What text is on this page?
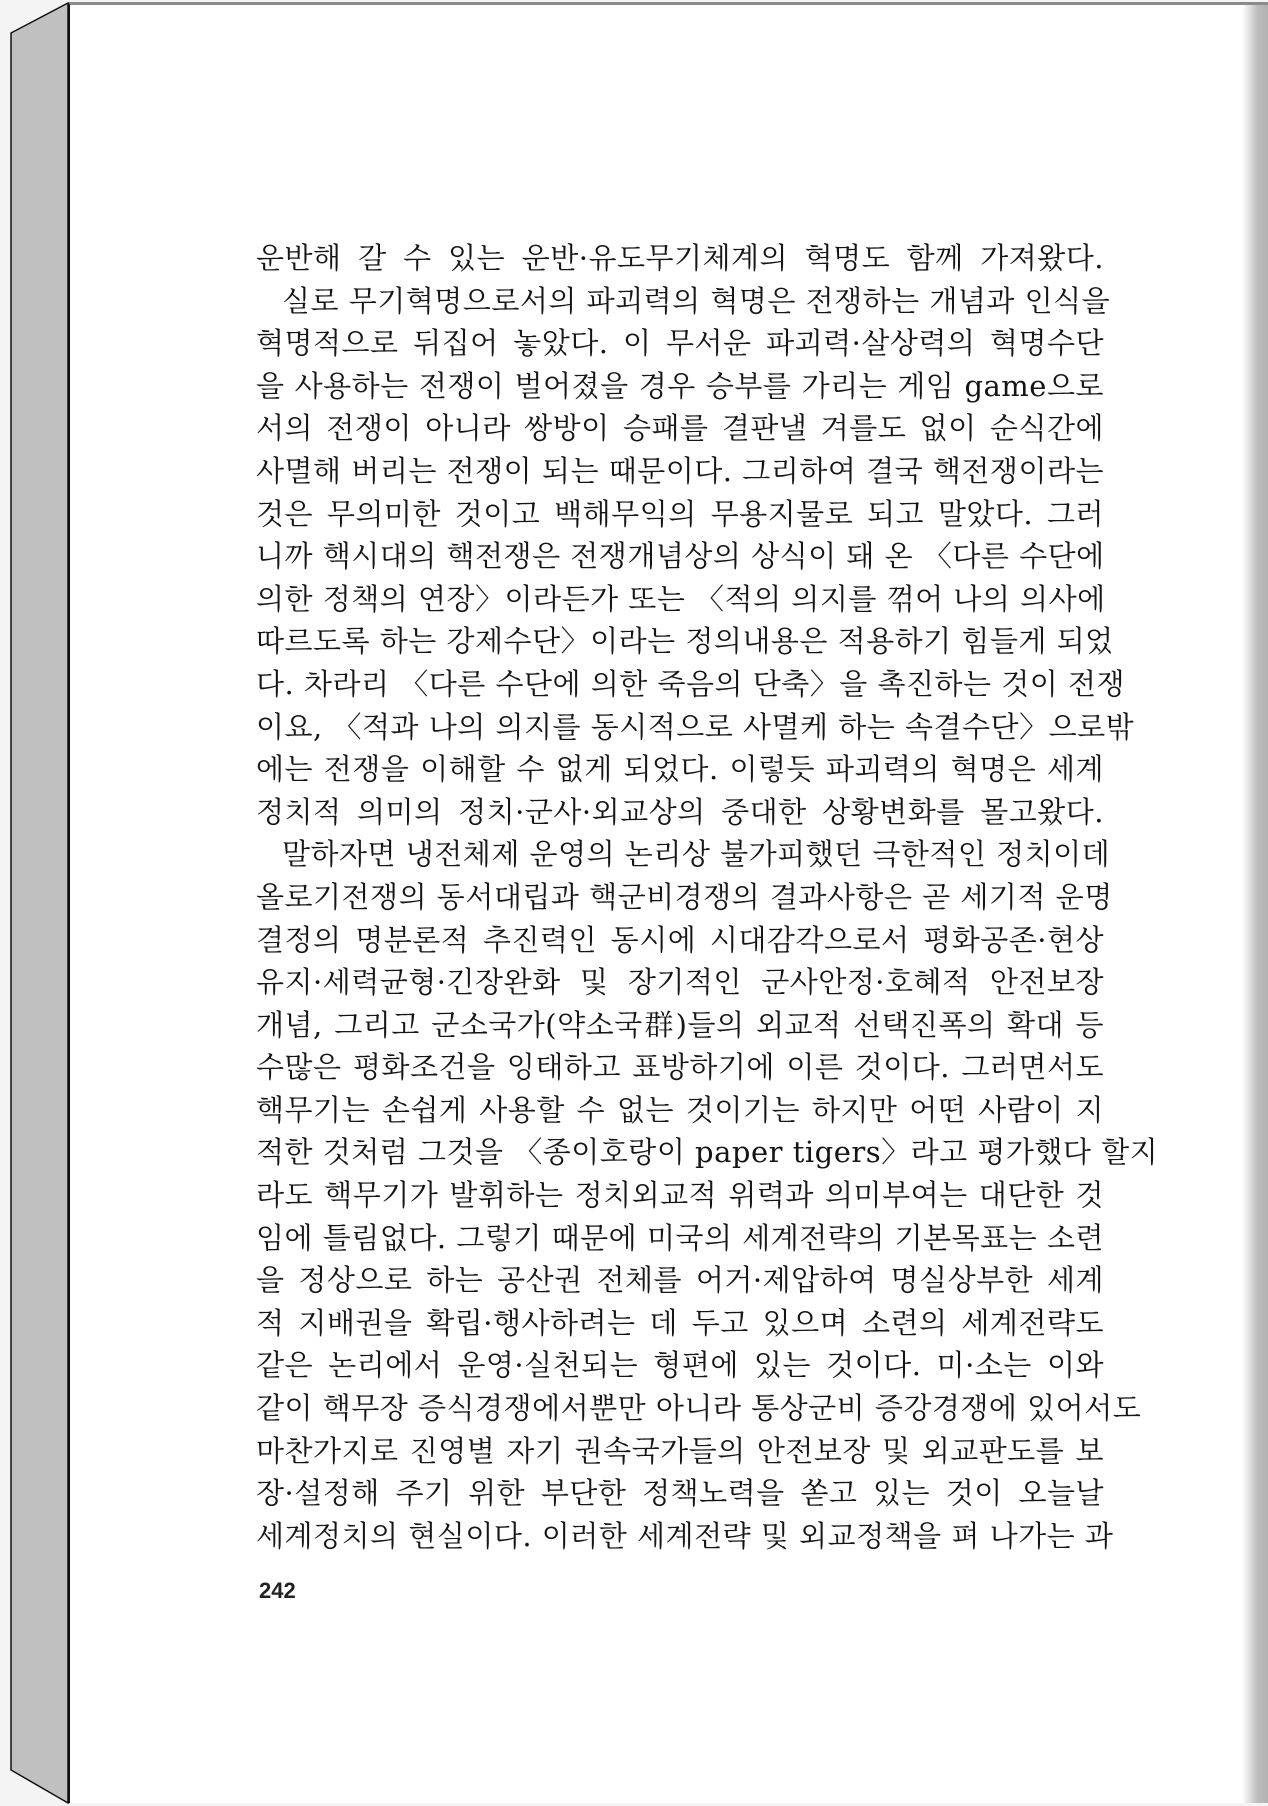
운반해 갈 수 있는 운반·유도무기체계의 혁명도 함께 가져왔다.
실로 무기혁명으로서의 파괴력의 혁명은 전쟁하는 개념과 인식을
혁명적으로 뒤집어 놓았다. 이 무서운 파괴력·살상력의 혁명수단
을 사용하는 전쟁이 벌어졌을 경우 승부를 가리는 게임 game으로
서의 전쟁이 아니라 쌍방이 승패를 결판낼 겨를도 없이 순식간에
사멸해 버리는 전쟁이 되는 때문이다. 그리하여 결국 핵전쟁이라는
것은 무의미한 것이고 백해무익의 무용지물로 되고 말았다. 그러
니까 핵시대의 핵전쟁은 전쟁개념상의 상식이 돼 온 〈다른 수단에
의한 정책의 연장〉이라든가 또는 〈적의 의지를 꺾어 나의 의사에
따르도록 하는 강제수단〉이라는 정의내용은 적용하기 힘들게 되었
다. 차라리 〈다른 수단에 의한 죽음의 단축〉을 촉진하는 것이 전쟁
이요, 〈적과 나의 의지를 동시적으로 사멸케 하는 속결수단〉으로밖
에는 전쟁을 이해할 수 없게 되었다. 이렇듯 파괴력의 혁명은 세계
정치적 의미의 정치·군사·외교상의 중대한 상황변화를 몰고왔다.
말하자면 냉전체제 운영의 논리상 불가피했던 극한적인 정치이데
올로기전쟁의 동서대립과 핵군비경쟁의 결과사항은 곧 세기적 운명
결정의 명분론적 추진력인 동시에 시대감각으로서 평화공존·현상
유지·세력균형·긴장완화 및 장기적인 군사안정·호혜적 안전보장
개념, 그리고 군소국가(약소국群)들의 외교적 선택진폭의 확대 등
수많은 평화조건을 잉태하고 표방하기에 이른 것이다. 그러면서도
핵무기는 손쉽게 사용할 수 없는 것이기는 하지만 어떤 사람이 지
적한 것처럼 그것을 〈종이호랑이 paper tigers〉라고 평가했다 할지
라도 핵무기가 발휘하는 정치외교적 위력과 의미부여는 대단한 것
임에 틀림없다. 그렇기 때문에 미국의 세계전략의 기본목표는 소련
을 정상으로 하는 공산권 전체를 어거·제압하여 명실상부한 세계
적 지배권을 확립·행사하려는 데 두고 있으며 소련의 세계전략도
같은 논리에서 운영·실천되는 형편에 있는 것이다. 미·소는 이와
같이 핵무장 증식경쟁에서뿐만 아니라 통상군비 증강경쟁에 있어서도
마찬가지로 진영별 자기 권속국가들의 안전보장 및 외교판도를 보
장·설정해 주기 위한 부단한 정책노력을 쏟고 있는 것이 오늘날
세계정치의 현실이다. 이러한 세계전략 및 외교정책을 펴 나가는 과
242
